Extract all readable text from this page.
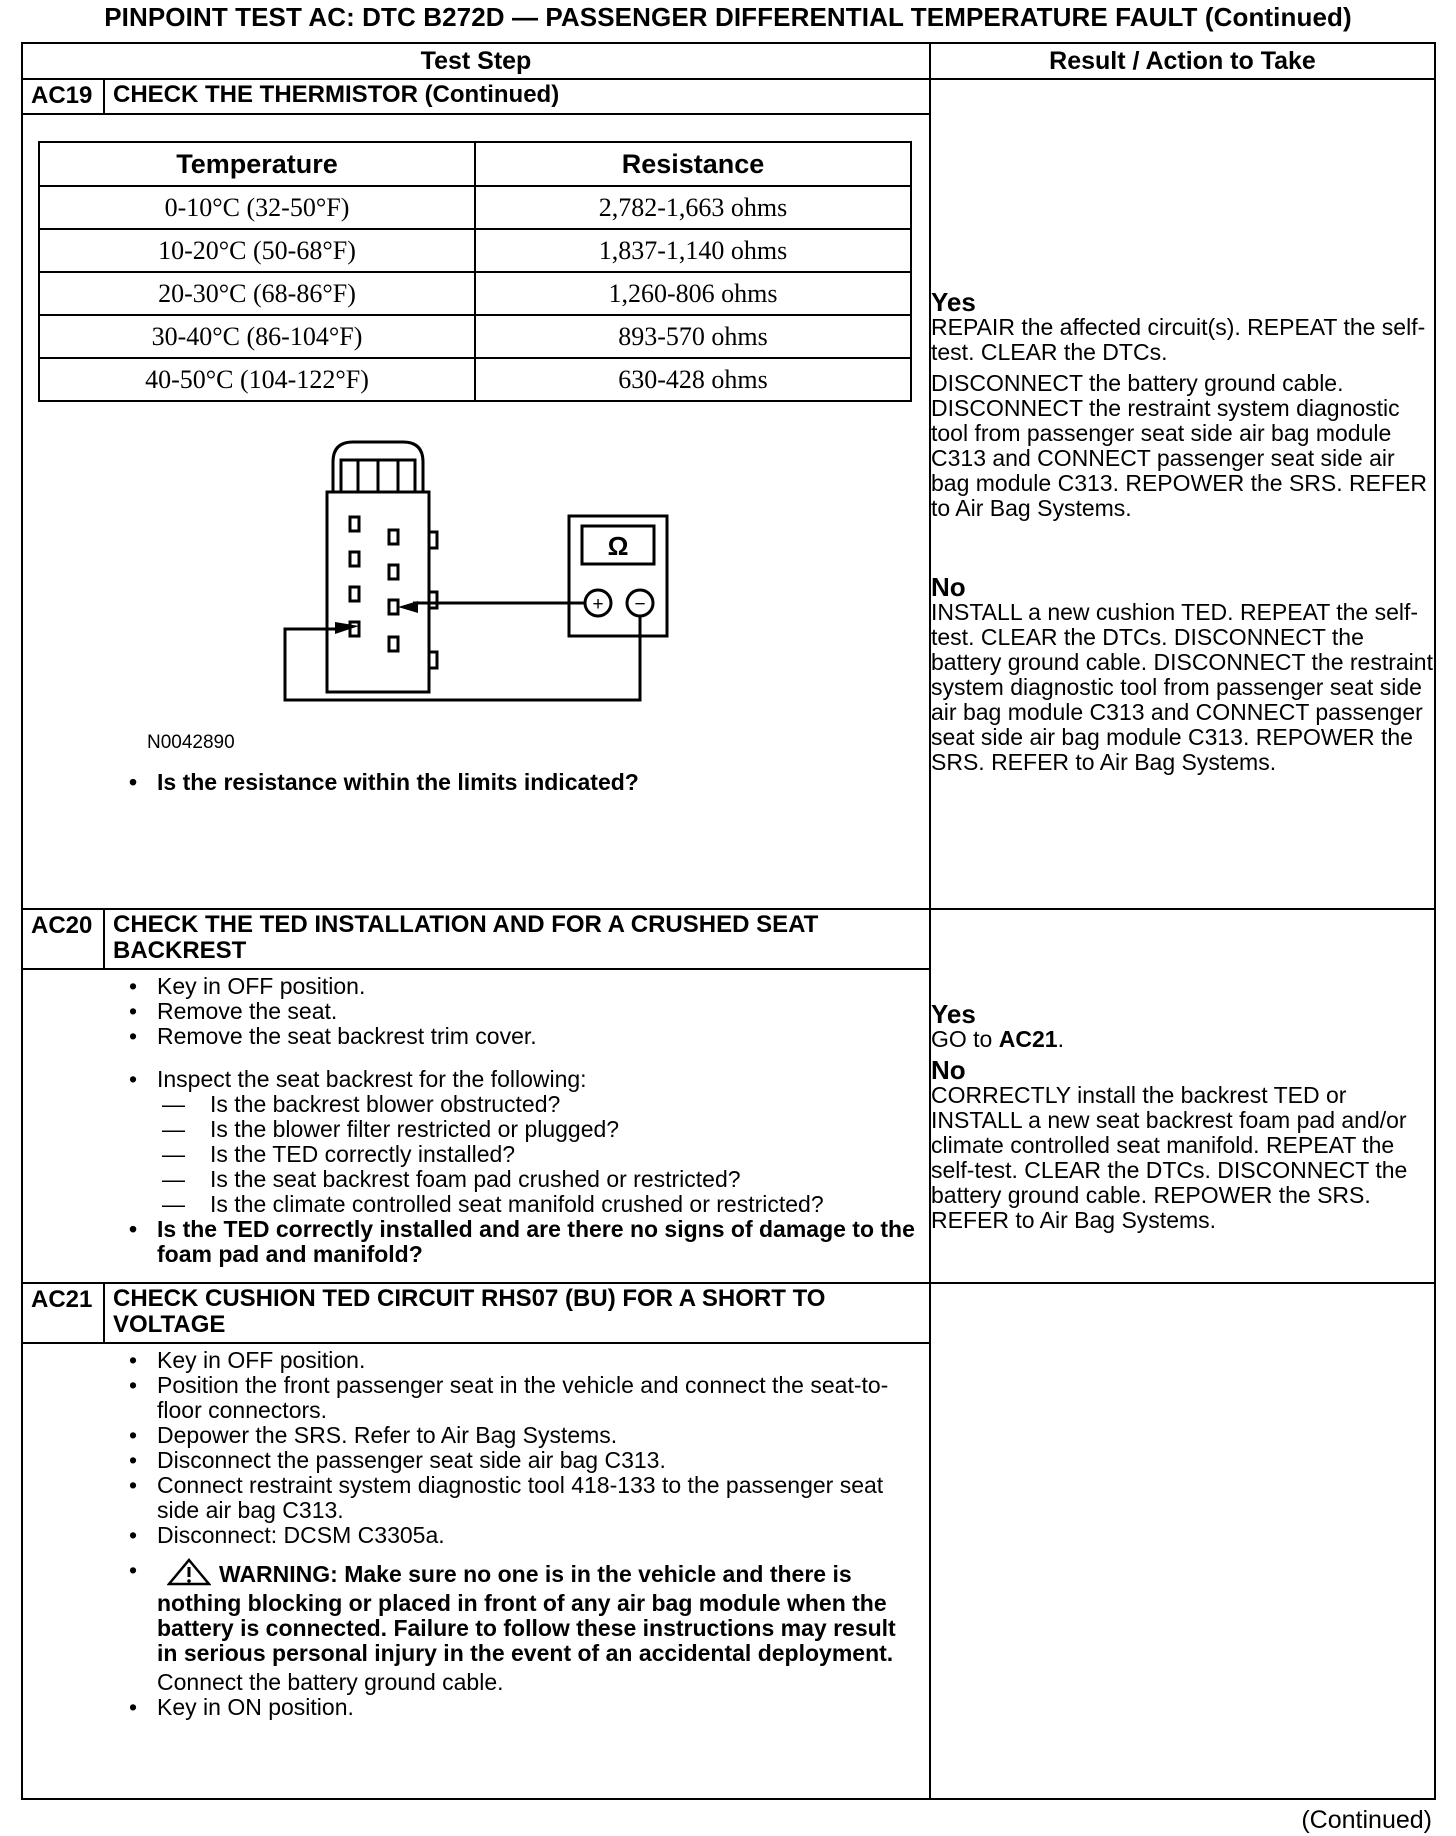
PINPOINT TEST AC: DTC B272D — PASSENGER DIFFERENTIAL TEMPERATURE FAULT (Continued)
Test Step	Result / Action to Take

AC19 CHECK THE THERMISTOR (Continued)
Temperature	Resistance
0-10°C (32-50°F)	2,782-1,663 ohms
10-20°C (50-68°F)	1,837-1,140 ohms
20-30°C (68-86°F)	1,260-806 ohms
30-40°C (86-104°F)	893-570 ohms
40-50°C (104-122°F)	630-428 ohms
Ω
+ −
N0042890
• Is the resistance within the limits indicated?

Yes
REPAIR the affected circuit(s). REPEAT the self-test. CLEAR the DTCs.
DISCONNECT the battery ground cable. DISCONNECT the restraint system diagnostic tool from passenger seat side air bag module C313 and CONNECT passenger seat side air bag module C313. REPOWER the SRS. REFER to Air Bag Systems.
No
INSTALL a new cushion TED. REPEAT the self-test. CLEAR the DTCs. DISCONNECT the battery ground cable. DISCONNECT the restraint system diagnostic tool from passenger seat side air bag module C313 and CONNECT passenger seat side air bag module C313. REPOWER the SRS. REFER to Air Bag Systems.

AC20 CHECK THE TED INSTALLATION AND FOR A CRUSHED SEAT BACKREST
• Key in OFF position.
• Remove the seat.
• Remove the seat backrest trim cover.
• Inspect the seat backrest for the following:
— Is the backrest blower obstructed?
— Is the blower filter restricted or plugged?
— Is the TED correctly installed?
— Is the seat backrest foam pad crushed or restricted?
— Is the climate controlled seat manifold crushed or restricted?
• Is the TED correctly installed and are there no signs of damage to the foam pad and manifold?

Yes
GO to AC21.
No
CORRECTLY install the backrest TED or INSTALL a new seat backrest foam pad and/or climate controlled seat manifold. REPEAT the self-test. CLEAR the DTCs. DISCONNECT the battery ground cable. REPOWER the SRS. REFER to Air Bag Systems.

AC21 CHECK CUSHION TED CIRCUIT RHS07 (BU) FOR A SHORT TO VOLTAGE
• Key in OFF position.
• Position the front passenger seat in the vehicle and connect the seat-to-floor connectors.
• Depower the SRS. Refer to Air Bag Systems.
• Disconnect the passenger seat side air bag C313.
• Connect restraint system diagnostic tool 418-133 to the passenger seat side air bag C313.
• Disconnect: DCSM C3305a.
• WARNING: Make sure no one is in the vehicle and there is nothing blocking or placed in front of any air bag module when the battery is connected. Failure to follow these instructions may result in serious personal injury in the event of an accidental deployment.
Connect the battery ground cable.
• Key in ON position.

(Continued)
